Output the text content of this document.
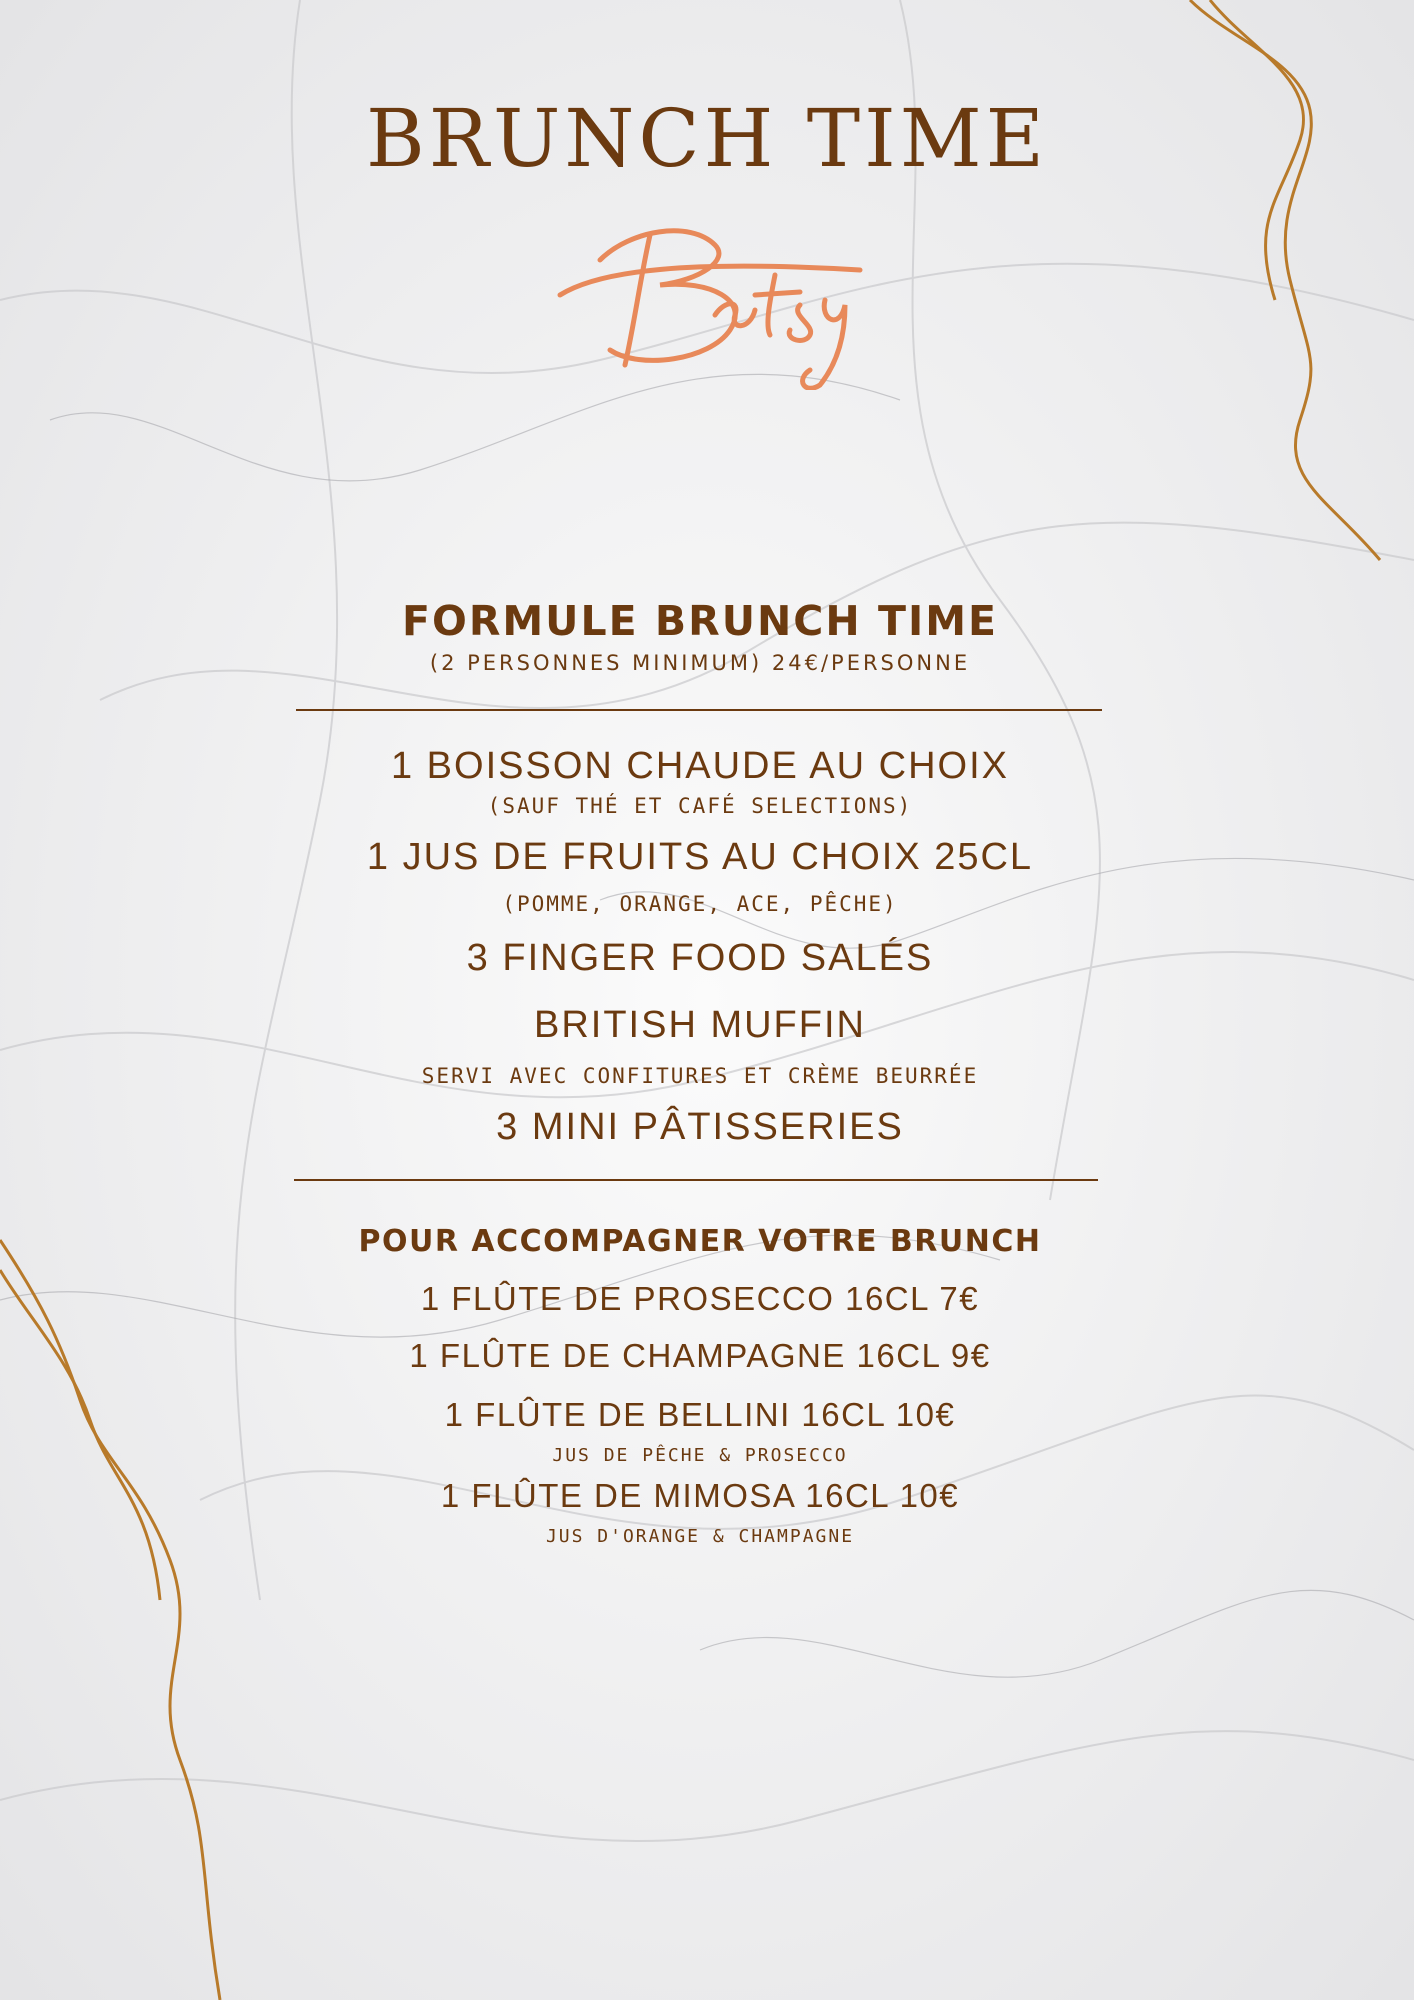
BRUNCH TIME
FORMULE BRUNCH TIME
(2 PERSONNES MINIMUM) 24€/PERSONNE
1 BOISSON CHAUDE AU CHOIX
(SAUF THÉ ET CAFÉ SELECTIONS)
1 JUS DE FRUITS AU CHOIX 25CL
(POMME, ORANGE, ACE, PÊCHE)
3 FINGER FOOD SALÉS
BRITISH MUFFIN
SERVI AVEC CONFITURES ET CRÈME BEURRÉE
3 MINI PÂTISSERIES
POUR ACCOMPAGNER VOTRE BRUNCH
1 FLÛTE DE PROSECCO 16CL 7€
1 FLÛTE DE CHAMPAGNE 16CL 9€
1 FLÛTE DE BELLINI 16CL 10€
JUS DE PÊCHE & PROSECCO
1 FLÛTE DE MIMOSA 16CL 10€
JUS D'ORANGE & CHAMPAGNE
